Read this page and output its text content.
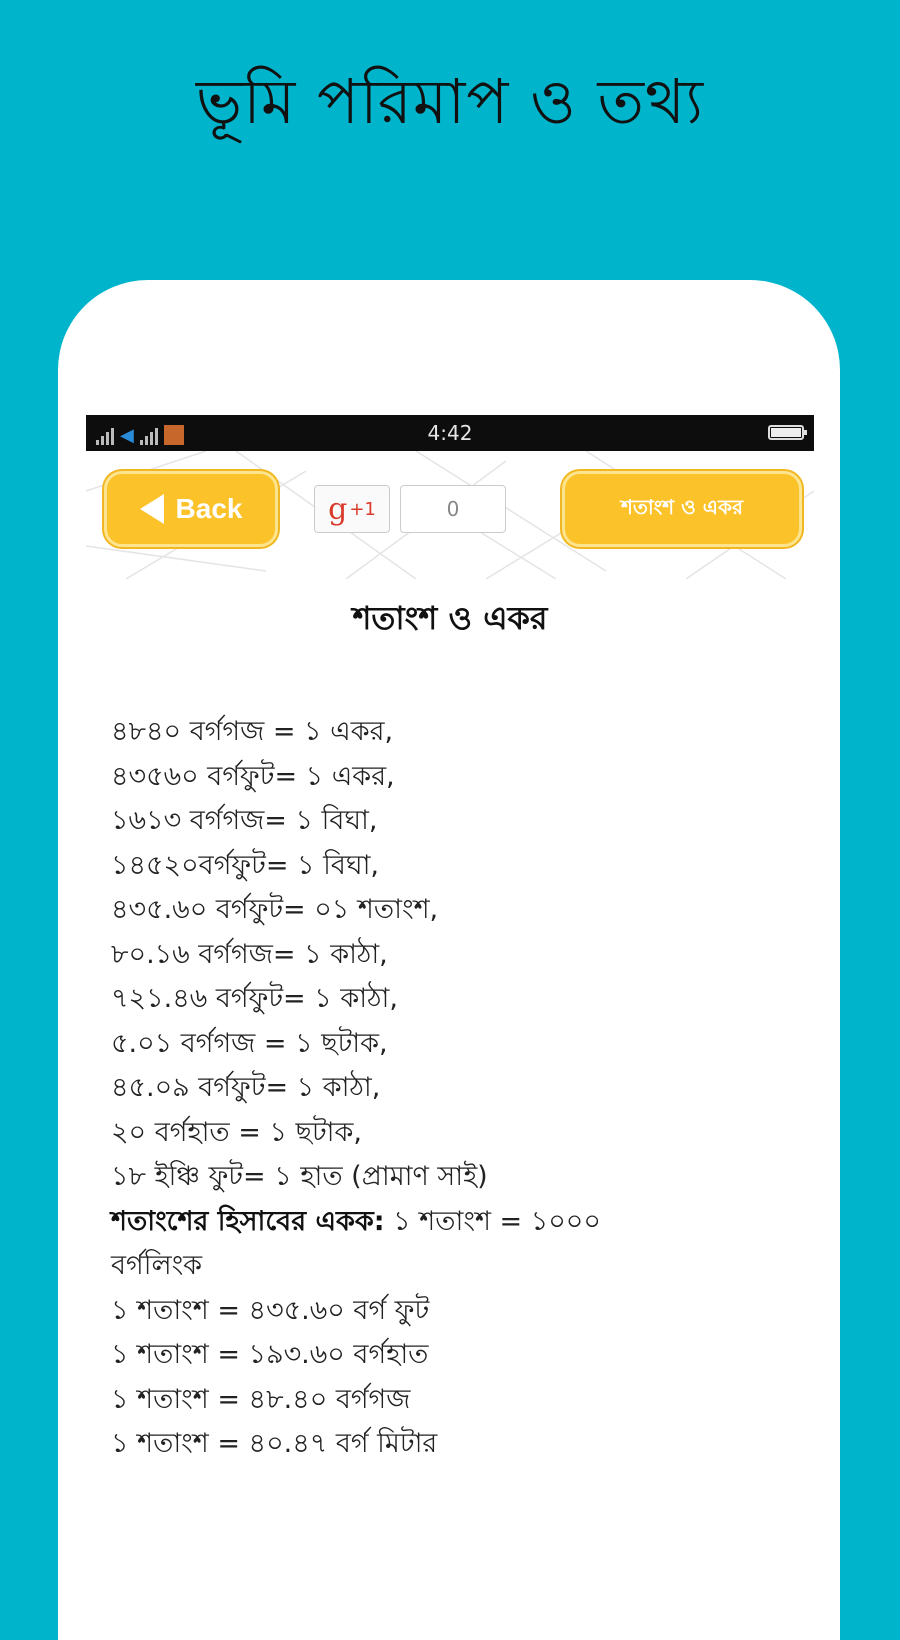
ভূমি পরিমাপ ও তথ্য
◀	4:42
Back	g +1	0	শতাংশ ও একর
শতাংশ ও একর
৪৮৪০ বর্গগজ = ১ একর,
৪৩৫৬০ বর্গফুট= ১ একর,
১৬১৩ বর্গগজ= ১ বিঘা,
১৪৫২০বর্গফুট= ১ বিঘা,
৪৩৫.৬০ বর্গফুট= ০১ শতাংশ,
৮০.১৬ বর্গগজ= ১ কাঠা,
৭২১.৪৬ বর্গফুট= ১ কাঠা,
৫.০১ বর্গগজ = ১ ছটাক,
৪৫.০৯ বর্গফুট= ১ কাঠা,
২০ বর্গহাত = ১ ছটাক,
১৮ ইঞ্চি ফুট= ১ হাত (প্রামাণ সাই)
শতাংশের হিসাবের একক: ১ শতাংশ = ১০০০
বর্গলিংক
১ শতাংশ = ৪৩৫.৬০ বর্গ ফুট
১ শতাংশ = ১৯৩.৬০ বর্গহাত
১ শতাংশ = ৪৮.৪০ বর্গগজ
১ শতাংশ = ৪০.৪৭ বর্গ মিটার
